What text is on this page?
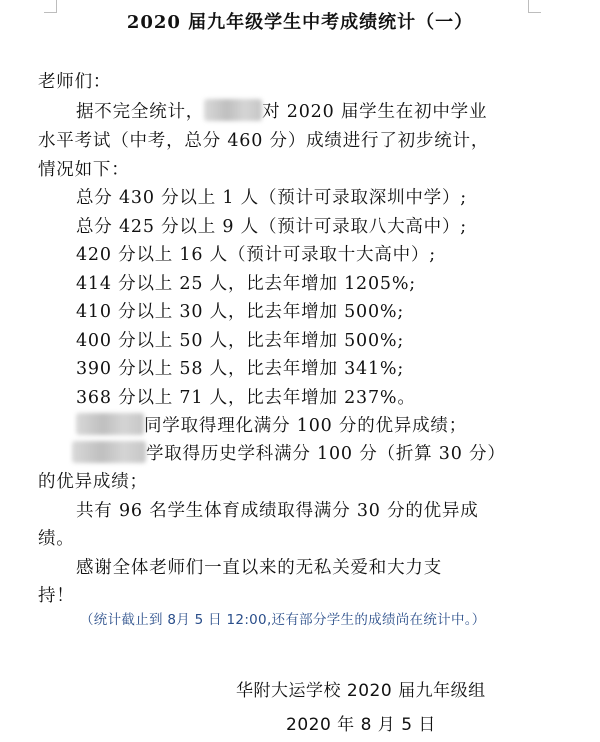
2020 届九年级学生中考成绩统计（一）
老师们：
据不完全统计，	对 2020 届学生在初中学业
水平考试（中考，总分 460 分）成绩进行了初步统计，
情况如下：
总分 430 分以上 1 人（预计可录取深圳中学）;
总分 425 分以上 9 人（预计可录取八大高中）;
420 分以上 16 人（预计可录取十大高中）;
414 分以上 25 人，比去年增加 1205%;
410 分以上 30 人，比去年增加 500%;
400 分以上 50 人，比去年增加 500%;
390 分以上 58 人，比去年增加 341%;
368 分以上 71 人，比去年增加 237%。
同学取得理化满分 100 分的优异成绩；
学取得历史学科满分 100 分（折算 30 分）
的优异成绩；
共有 96 名学生体育成绩取得满分 30 分的优异成
绩。
感谢全体老师们一直以来的无私关爱和大力支
持！
（统计截止到 8月 5 日 12:00,还有部分学生的成绩尚在统计中。）
华附大运学校 2020 届九年级组
2020 年 8 月 5 日
